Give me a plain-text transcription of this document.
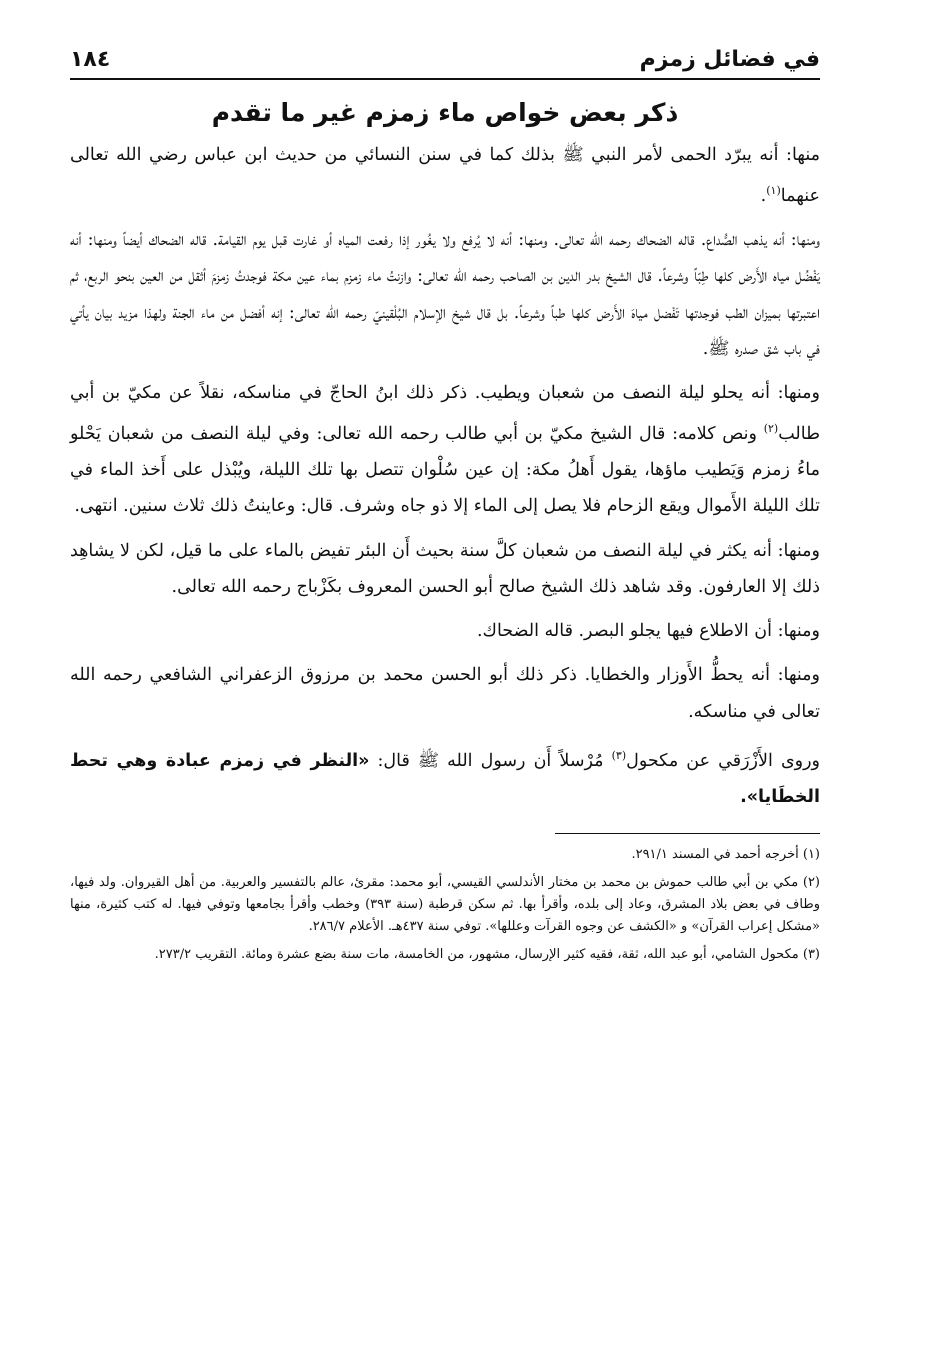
في فضائل زمزم
١٨٤
ذكر بعض خواص ماء زمزم غير ما تقدم

منها: أنه يبرّد الحمى لأمر النبي ﷺ بذلك كما في سنن النسائي من حديث ابن عباس رضي الله تعالى عنهما$^{(١)}$.

ومنها: أنه يذهب الصُّداع. قاله الضحاك رحمه الله تعالى. ومنها: أنه لا يُرفع ولا يغُور إذا رفعت المياه أو غارت قبل يوم القيامة. قاله الضحاك أيضاً ومنها: أنه يَفْضُل مياه الأَرض كلها طِبّاً وشرعاً. قال الشيخ بدر الدين بن الصاحب رحمه الله تعالى: وازنتُ ماء زمزم بماء عين مكة فوجدتُ زمزمَ أثقل من العين بنحو الربع، ثم اعتبرتها بميزان الطب فوجدتها تَفْضل مياهَ الأَرض كلها طباً وشرعاً. بل قال شيخ الإسلام البُلْقينيّ رحمه الله تعالى: إنه أفضل من ماء الجنة ولهذا مزيد بيان يأتي في باب شق صدره ﷺ.

ومنها: أنه يحلو ليلة النصف من شعبان ويطيب. ذكر ذلك ابنُ الحاجّ في مناسكه، نقلاً عن مكيّ بن أبي طالب$^{(٢)}$ ونص كلامه: قال الشيخ مكيّ بن أبي طالب رحمه الله تعالى: وفي ليلة النصف من شعبان يَحْلو ماءُ زمزم وَيَطيب ماؤها، يقول أَهلُ مكة: إن عين سُلْوان تتصل بها تلك الليلة، ويُبْذل على أَخذ الماء في تلك الليلة الأَموال ويقع الزحام فلا يصل إلى الماء إلا ذو جاه وشرف. قال: وعاينتُ ذلك ثلاث سنين. انتهى.

ومنها: أنه يكثر في ليلة النصف من شعبان كلَّ سنة بحيث أَن البئر تفيض بالماء على ما قيل، لكن لا يشاهِد ذلك إلا العارفون. وقد شاهد ذلك الشيخ صالح أبو الحسن المعروف بكَزْباج رحمه الله تعالى.

ومنها: أن الاطلاع فيها يجلو البصر. قاله الضحاك.

ومنها: أنه يحطُّ الأَوزار والخطايا. ذكر ذلك أبو الحسن محمد بن مرزوق الزعفراني الشافعي رحمه الله تعالى في مناسكه.

وروى الأَزْرَقي عن مكحول$^{(٣)}$ مُرْسلاً أَن رسول الله ﷺ قال: «النظر في زمزم عبادة وهي تحط الخطَايا».

(١) أخرجه أحمد في المسند ٢٩١/١.

(٢) مكي بن أبي طالب حموش بن محمد بن مختار الأندلسي القيسي، أبو محمد: مقرئ، عالم بالتفسير والعربية. من أهل القيروان. ولد فيها، وطاف في بعض بلاد المشرق، وعاد إلى بلده، وأقرأ بها. ثم سكن قرطبة (سنة ٣٩٣) وخطب وأقرأ بجامعها وتوفي فيها. له كتب كثيرة، منها «مشكل إعراب القرآن» و «الكشف عن وجوه القرآت وعللها». توفي سنة ٤٣٧هـ. الأعلام ٢٨٦/٧.

(٣) مكحول الشامي، أبو عبد الله، ثقة، فقيه كثير الإرسال، مشهور، من الخامسة، مات سنة بضع عشرة ومائة. التقريب ٢٧٣/٢.
